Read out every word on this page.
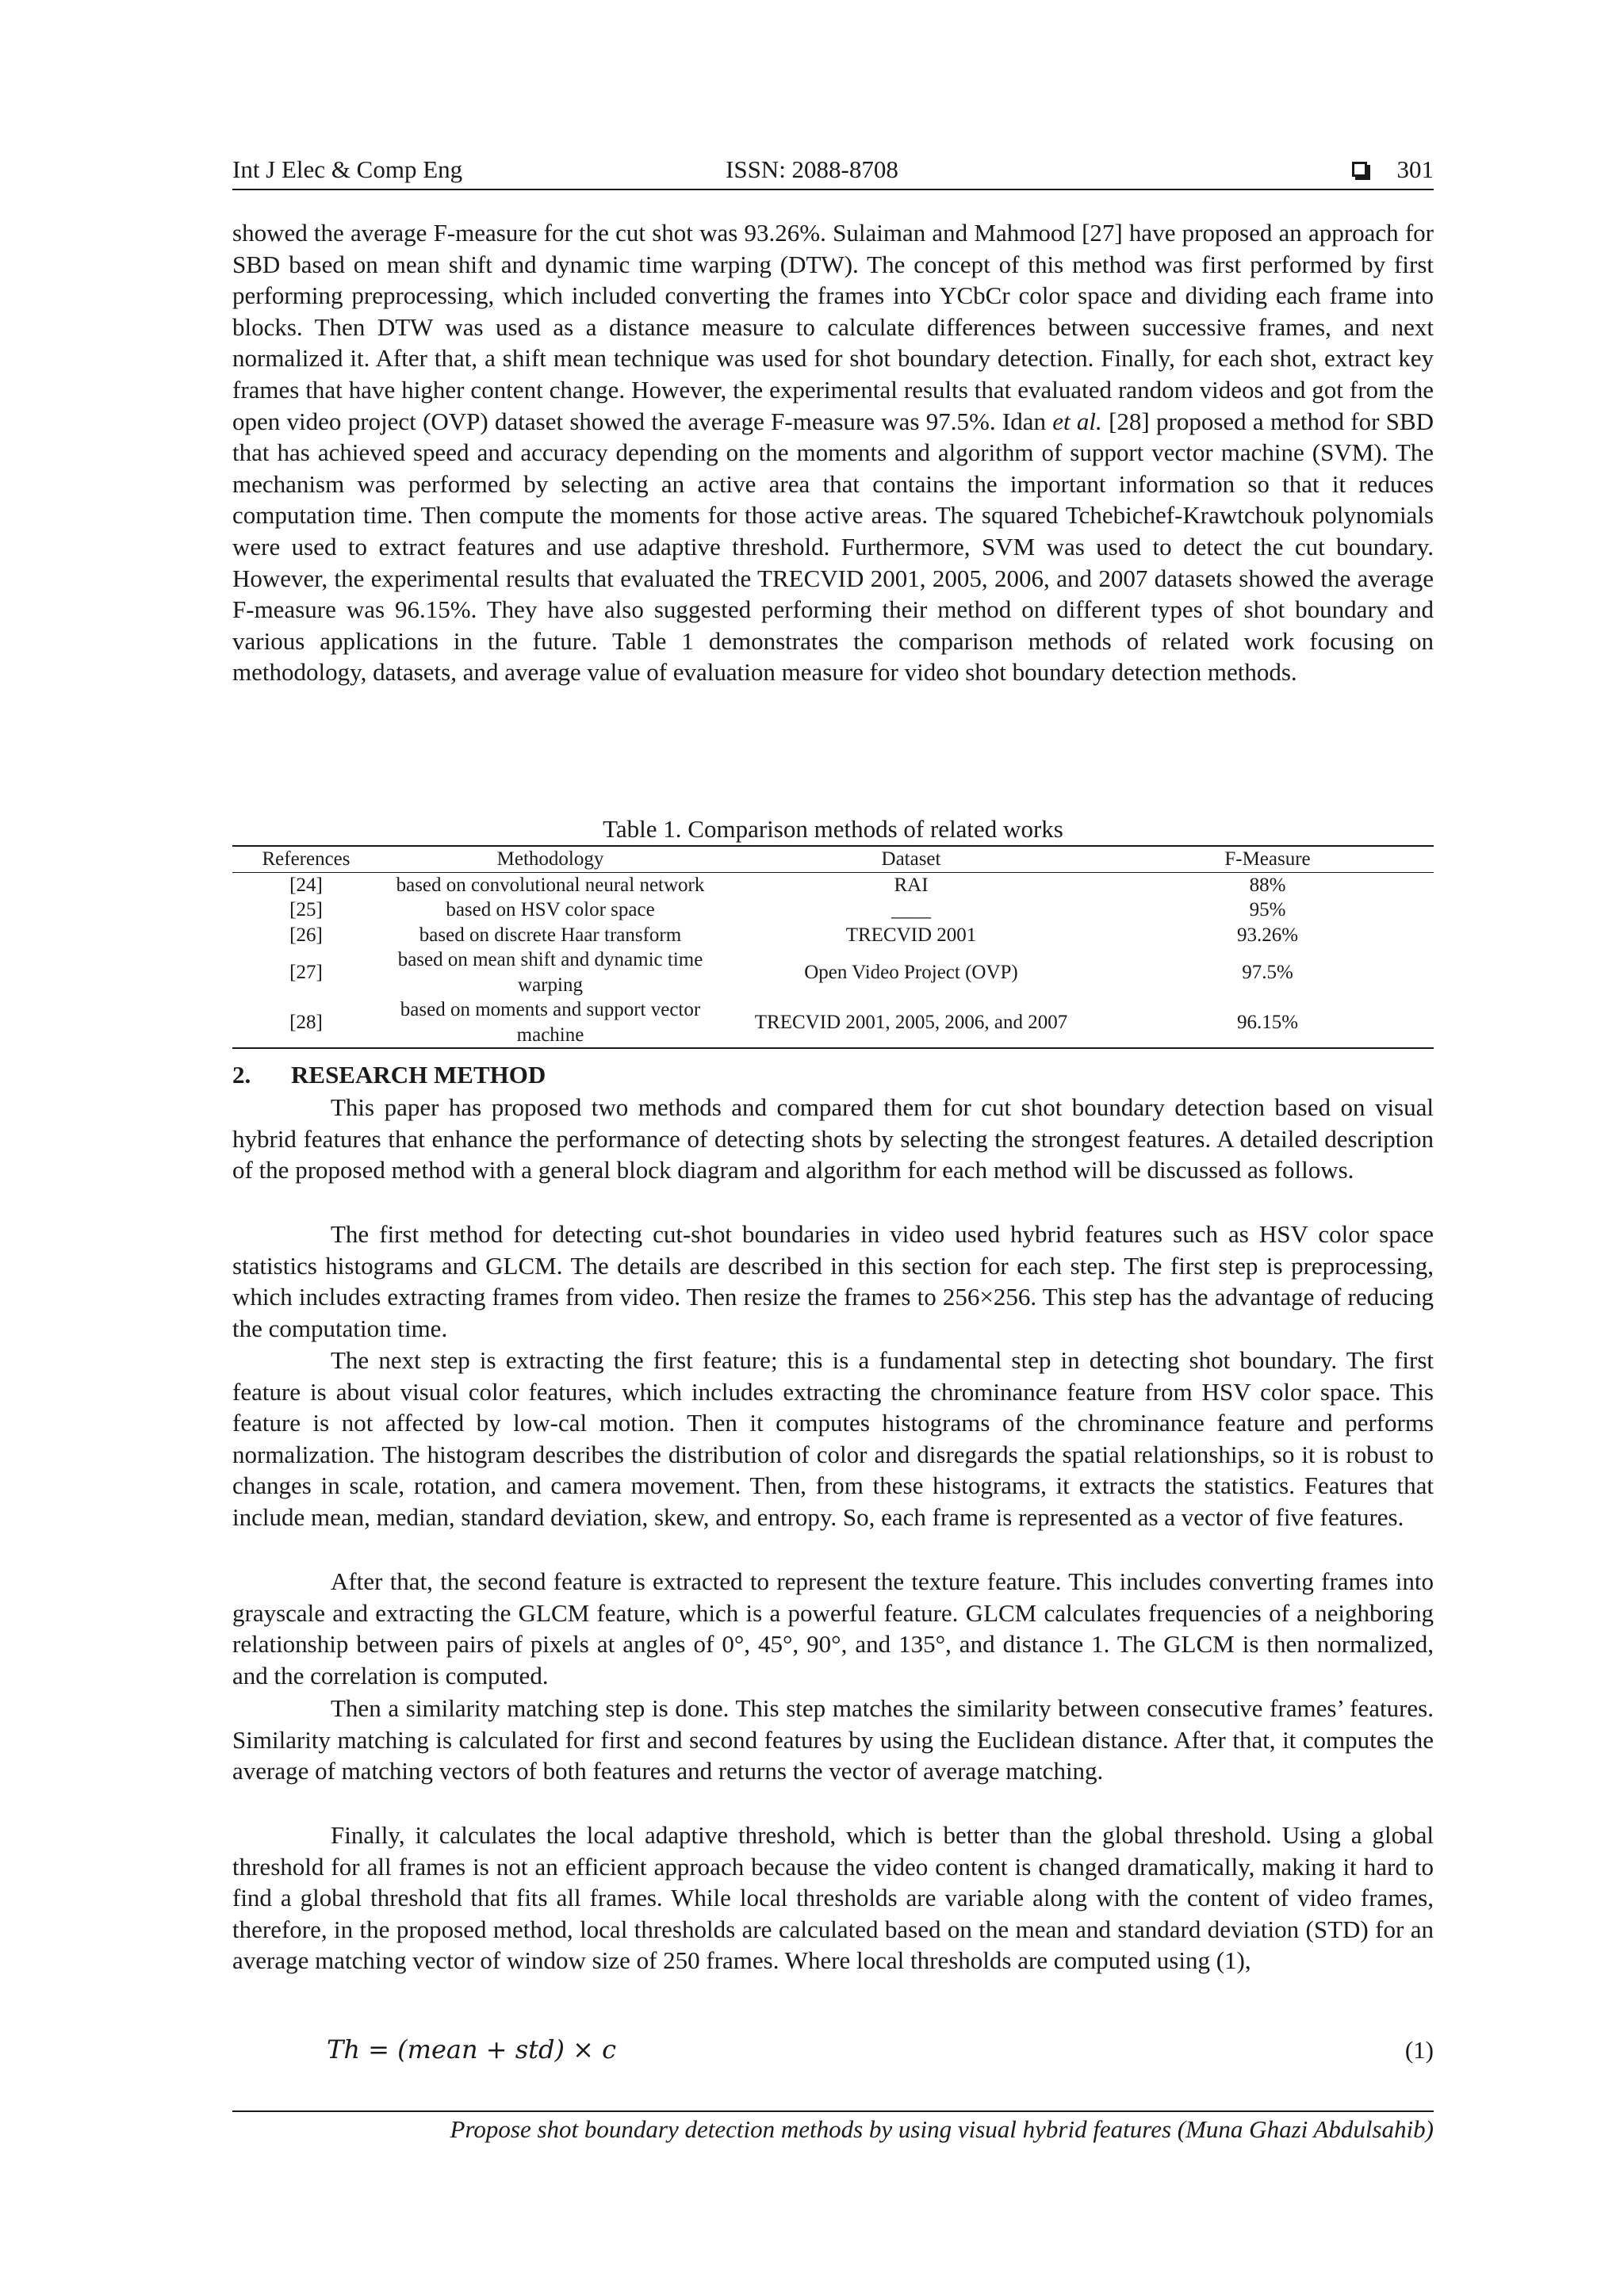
Int J Elec & Comp Eng	ISSN: 2088-8708	301

showed the average F-measure for the cut shot was 93.26%. Sulaiman and Mahmood [27] have proposed an approach for SBD based on mean shift and dynamic time warping (DTW). The concept of this method was first performed by first performing preprocessing, which included converting the frames into YCbCr color space and dividing each frame into blocks. Then DTW was used as a distance measure to calculate differences between successive frames, and next normalized it. After that, a shift mean technique was used for shot boundary detection. Finally, for each shot, extract key frames that have higher content change. However, the experimental results that evaluated random videos and got from the open video project (OVP) dataset showed the average F-measure was 97.5%. Idan et al. [28] proposed a method for SBD that has achieved speed and accuracy depending on the moments and algorithm of support vector machine (SVM). The mechanism was performed by selecting an active area that contains the important information so that it reduces computation time. Then compute the moments for those active areas. The squared Tchebichef-Krawtchouk polynomials were used to extract features and use adaptive threshold. Furthermore, SVM was used to detect the cut boundary. However, the experimental results that evaluated the TRECVID 2001, 2005, 2006, and 2007 datasets showed the average F-measure was 96.15%. They have also suggested performing their method on different types of shot boundary and various applications in the future. Table 1 demonstrates the comparison methods of related work focusing on methodology, datasets, and average value of evaluation measure for video shot boundary detection methods.

Table 1. Comparison methods of related works
References	Methodology	Dataset	F-Measure
[24]	based on convolutional neural network	RAI	88%
[25]	based on HSV color space	____	95%
[26]	based on discrete Haar transform	TRECVID 2001	93.26%
[27]	based on mean shift and dynamic time warping	Open Video Project (OVP)	97.5%
[28]	based on moments and support vector machine	TRECVID 2001, 2005, 2006, and 2007	96.15%
2. RESEARCH METHOD

This paper has proposed two methods and compared them for cut shot boundary detection based on visual hybrid features that enhance the performance of detecting shots by selecting the strongest features. A detailed description of the proposed method with a general block diagram and algorithm for each method will be discussed as follows.

The first method for detecting cut-shot boundaries in video used hybrid features such as HSV color space statistics histograms and GLCM. The details are described in this section for each step. The first step is preprocessing, which includes extracting frames from video. Then resize the frames to 256×256. This step has the advantage of reducing the computation time.

The next step is extracting the first feature; this is a fundamental step in detecting shot boundary. The first feature is about visual color features, which includes extracting the chrominance feature from HSV color space. This feature is not affected by low-cal motion. Then it computes histograms of the chrominance feature and performs normalization. The histogram describes the distribution of color and disregards the spatial relationships, so it is robust to changes in scale, rotation, and camera movement. Then, from these histograms, it extracts the statistics. Features that include mean, median, standard deviation, skew, and entropy. So, each frame is represented as a vector of five features.

After that, the second feature is extracted to represent the texture feature. This includes converting frames into grayscale and extracting the GLCM feature, which is a powerful feature. GLCM calculates frequencies of a neighboring relationship between pairs of pixels at angles of 0°, 45°, 90°, and 135°, and distance 1. The GLCM is then normalized, and the correlation is computed.

Then a similarity matching step is done. This step matches the similarity between consecutive frames’ features. Similarity matching is calculated for first and second features by using the Euclidean distance. After that, it computes the average of matching vectors of both features and returns the vector of average matching.

Finally, it calculates the local adaptive threshold, which is better than the global threshold. Using a global threshold for all frames is not an efficient approach because the video content is changed dramatically, making it hard to find a global threshold that fits all frames. While local thresholds are variable along with the content of video frames, therefore, in the proposed method, local thresholds are calculated based on the mean and standard deviation (STD) for an average matching vector of window size of 250 frames. Where local thresholds are computed using (1),

Th = (mean + std) × c	(1)
Propose shot boundary detection methods by using visual hybrid features (Muna Ghazi Abdulsahib)
